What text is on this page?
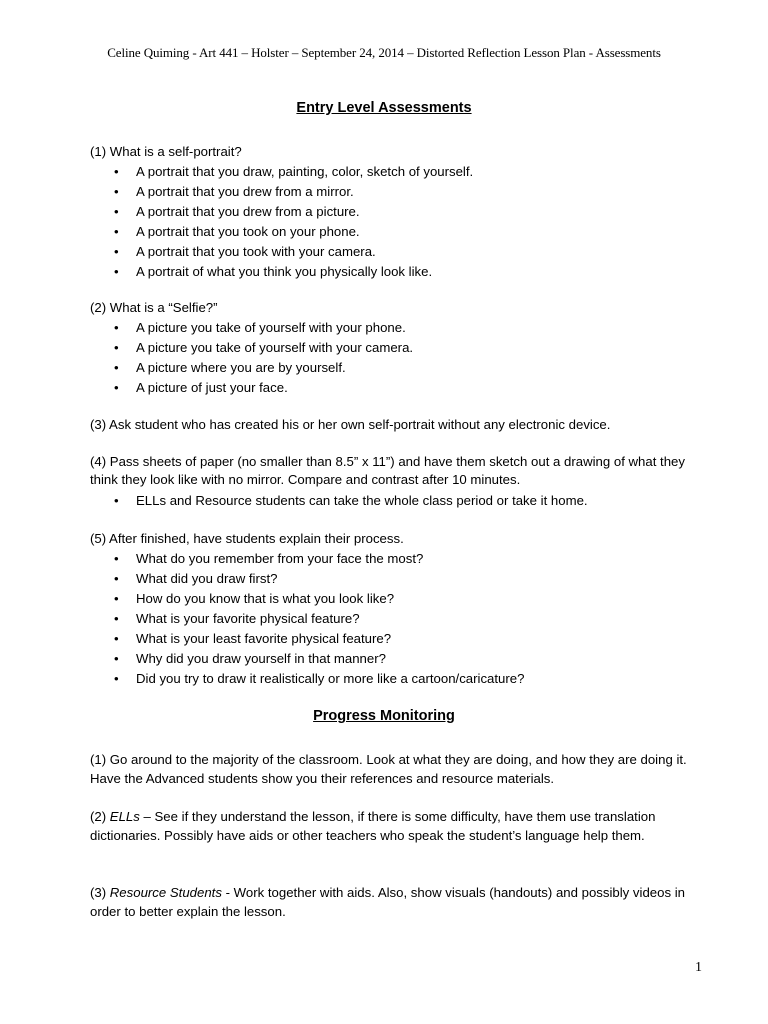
Celine Quiming - Art 441 – Holster – September 24, 2014 – Distorted Reflection Lesson Plan - Assessments
Entry Level Assessments

(1) What is a self-portrait?

• A portrait that you draw, painting, color, sketch of yourself.
• A portrait that you drew from a mirror.
• A portrait that you drew from a picture.
• A portrait that you took on your phone.
• A portrait that you took with your camera.
• A portrait of what you think you physically look like.

(2) What is a “Selfie?”

• A picture you take of yourself with your phone.
• A picture you take of yourself with your camera.
• A picture where you are by yourself.
• A picture of just your face.

(3) Ask student who has created his or her own self-portrait without any electronic device.

(4) Pass sheets of paper (no smaller than 8.5” x 11”) and have them sketch out a drawing of what they think they look like with no mirror. Compare and contrast after 10 minutes.

• ELLs and Resource students can take the whole class period or take it home.

(5) After finished, have students explain their process.

• What do you remember from your face the most?
• What did you draw first?
• How do you know that is what you look like?
• What is your favorite physical feature?
• What is your least favorite physical feature?
• Why did you draw yourself in that manner?
• Did you try to draw it realistically or more like a cartoon/caricature?
Progress Monitoring

(1) Go around to the majority of the classroom. Look at what they are doing, and how they are doing it. Have the Advanced students show you their references and resource materials.

(2) ELLs – See if they understand the lesson, if there is some difficulty, have them use translation dictionaries. Possibly have aids or other teachers who speak the student’s language help them.

(3) Resource Students - Work together with aids. Also, show visuals (handouts) and possibly videos in order to better explain the lesson.

1
